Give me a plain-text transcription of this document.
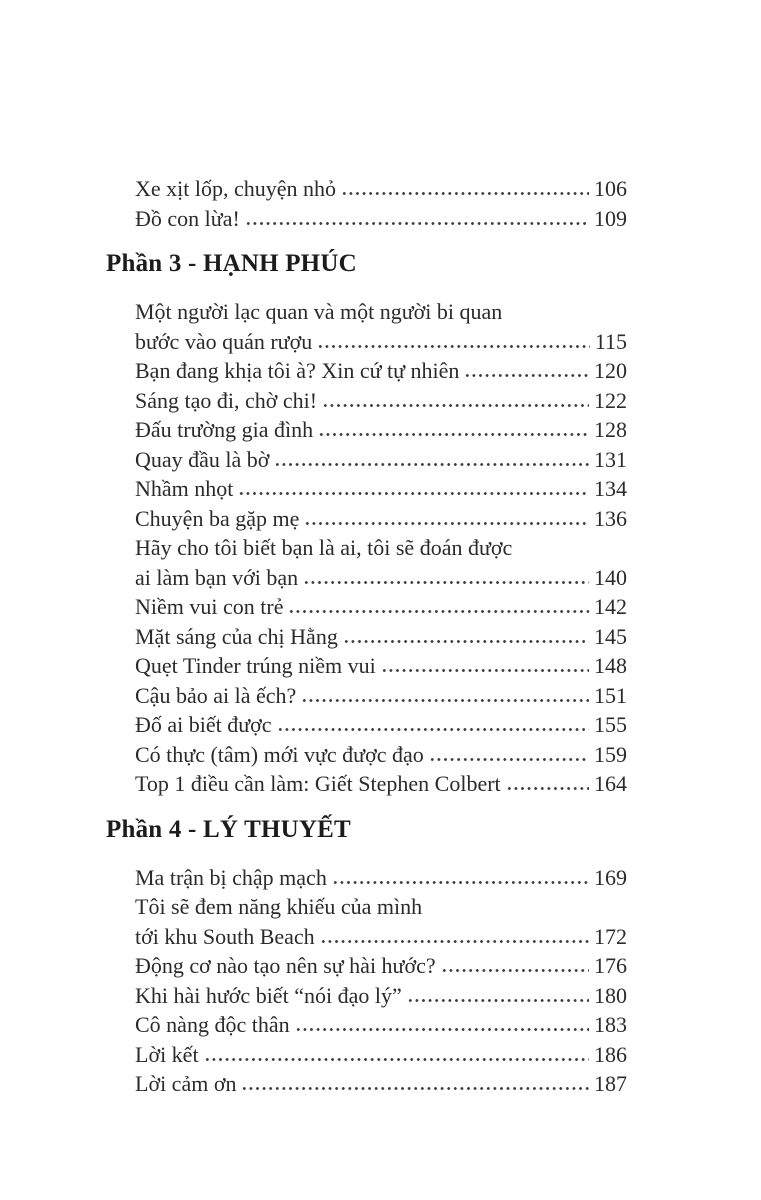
Xe xịt lốp, chuyện nhỏ	106
Đồ con lừa!	109
Phần 3 - HẠNH PHÚC
Một người lạc quan và một người bi quan
bước vào quán rượu	115
Bạn đang khịa tôi à? Xin cứ tự nhiên	120
Sáng tạo đi, chờ chi!	122
Đấu trường gia đình	128
Quay đầu là bờ	131
Nhầm nhọt	134
Chuyện ba gặp mẹ	136
Hãy cho tôi biết bạn là ai, tôi sẽ đoán được
ai làm bạn với bạn	140
Niềm vui con trẻ	142
Mặt sáng của chị Hằng	145
Quẹt Tinder trúng niềm vui	148
Cậu bảo ai là ếch?	151
Đố ai biết được	155
Có thực (tâm) mới vực được đạo	159
Top 1 điều cần làm: Giết Stephen Colbert	164
Phần 4 - LÝ THUYẾT
Ma trận bị chập mạch	169
Tôi sẽ đem năng khiếu của mình
tới khu South Beach	172
Động cơ nào tạo nên sự hài hước?	176
Khi hài hước biết “nói đạo lý”	180
Cô nàng độc thân	183
Lời kết	186
Lời cảm ơn	187
